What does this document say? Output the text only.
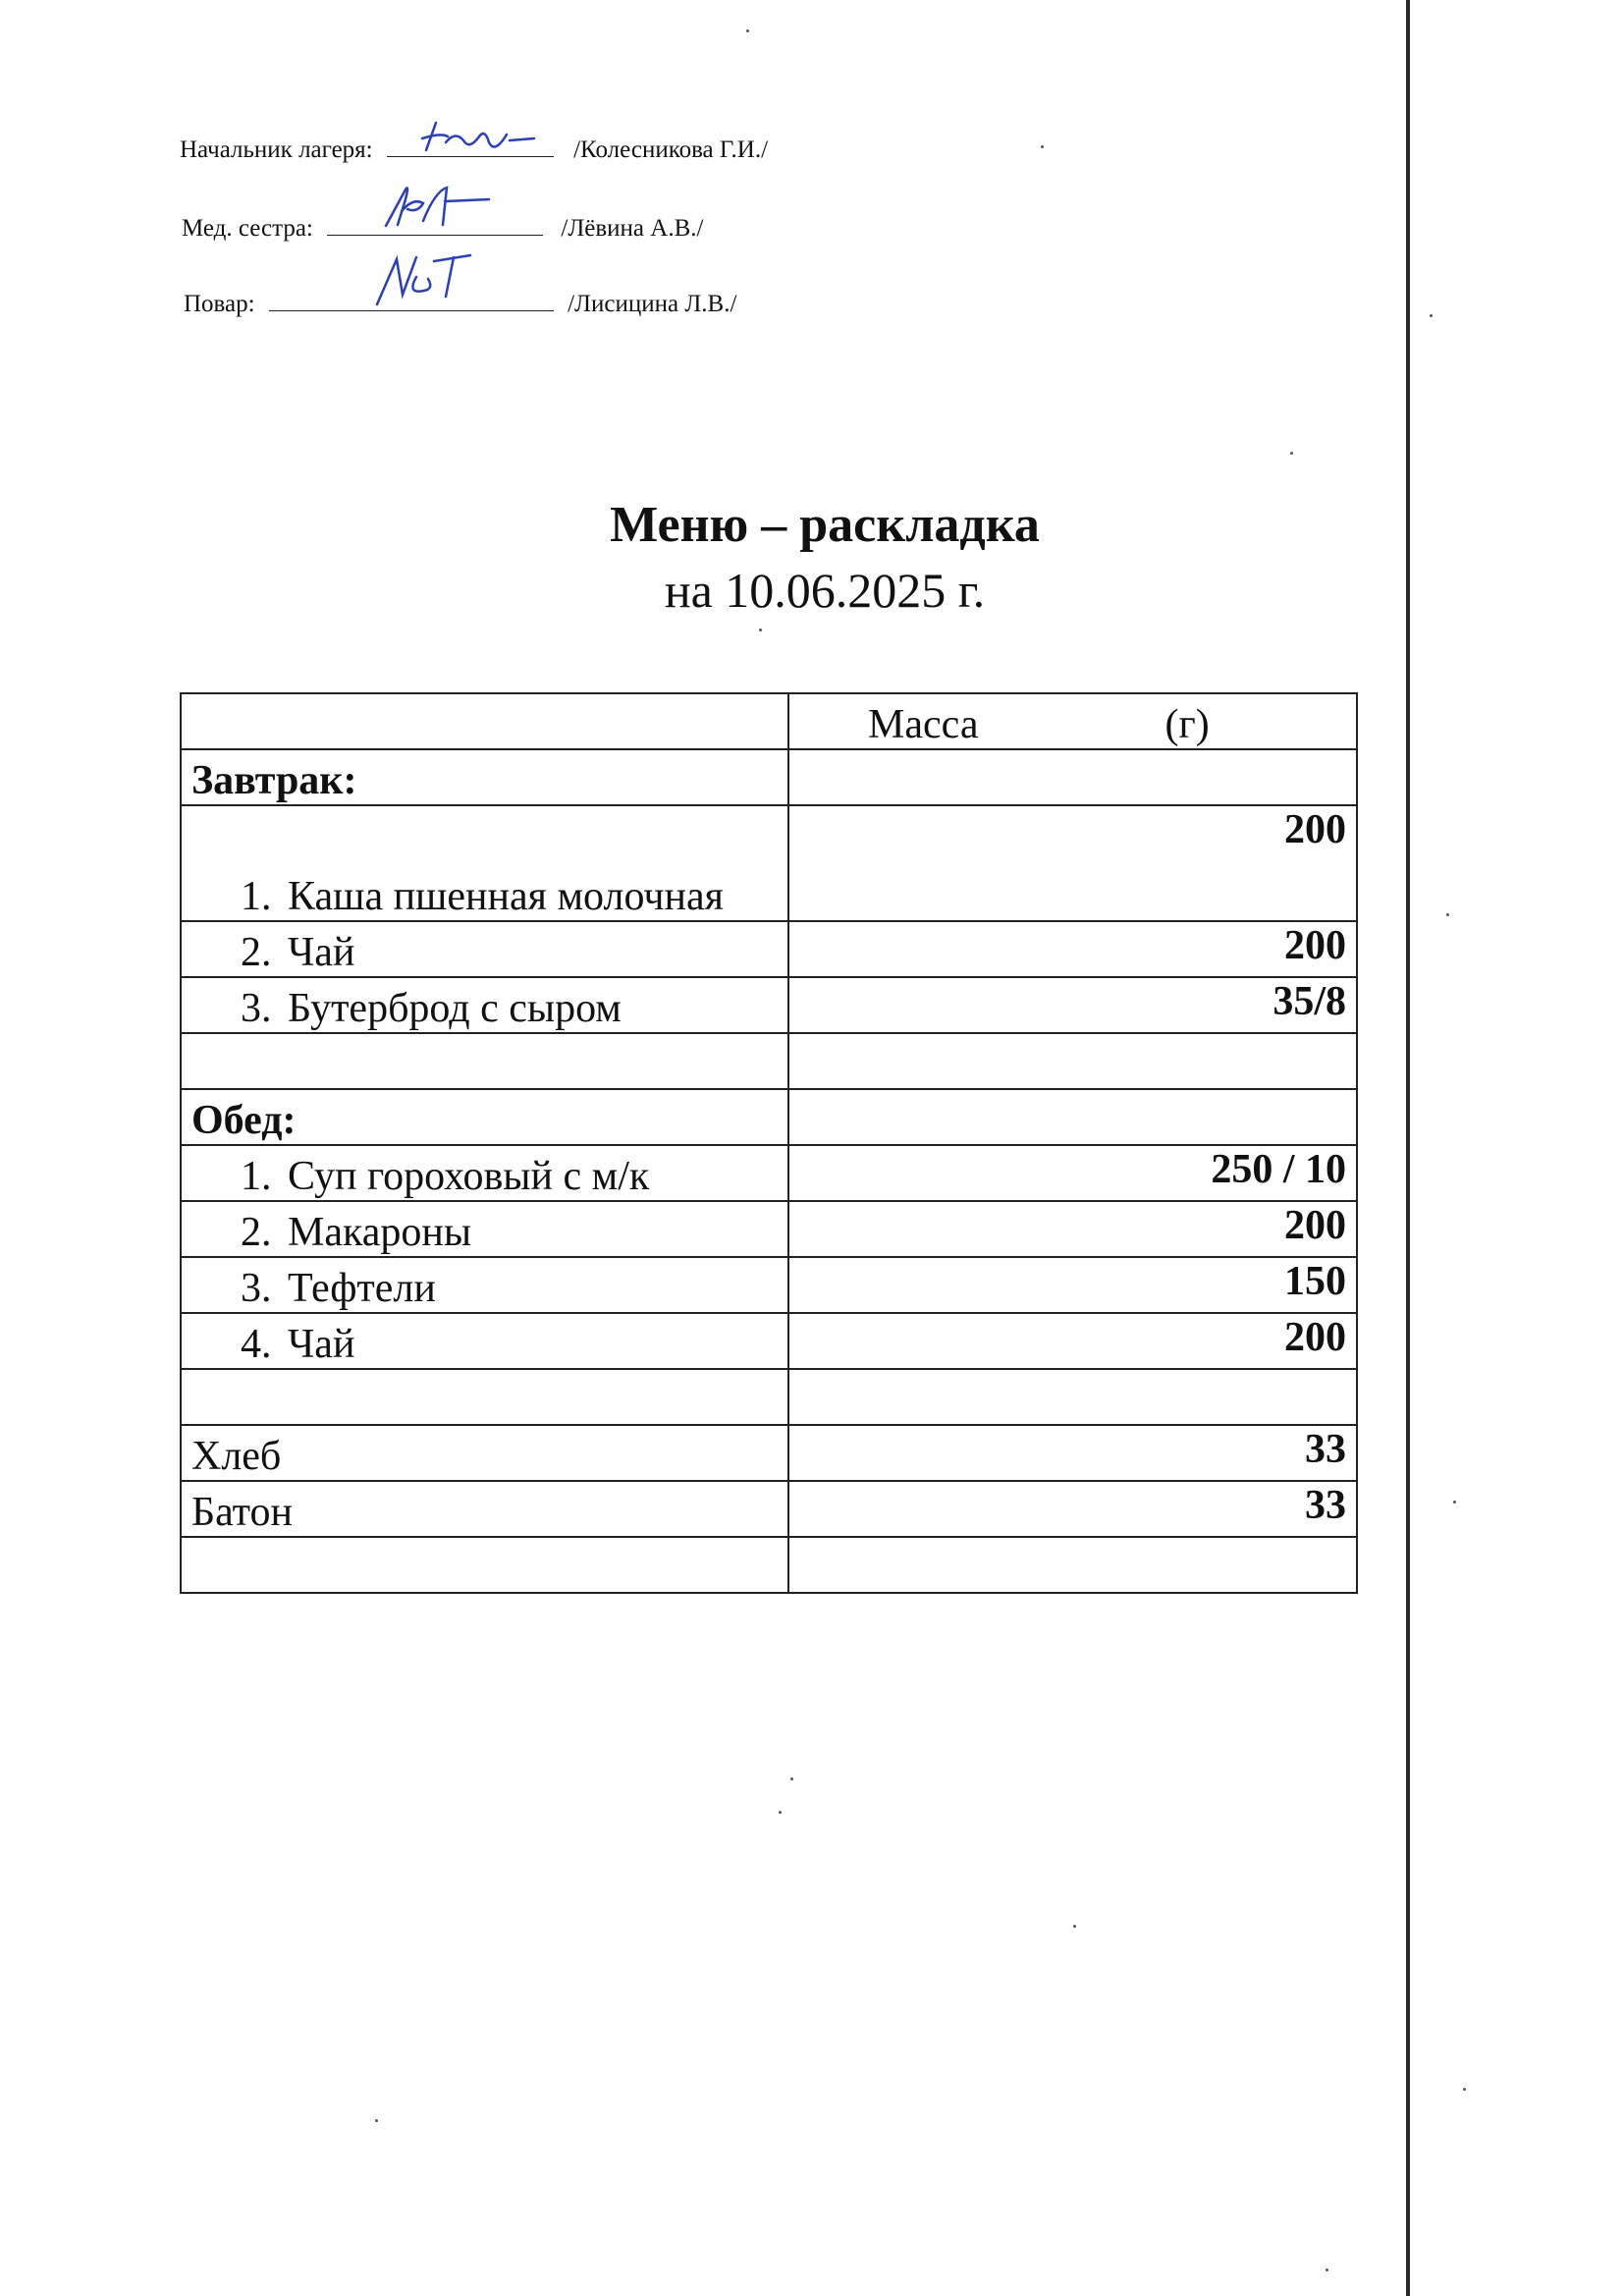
Начальник лагеря:	/Колесникова Г.И./
Мед. сестра:	/Лёвина А.В./
Повар:	/Лисицина Л.В./
Меню – раскладка
на 10.06.2025 г.
	Масса (г)
Завтрак:	

1. Каша пшенная молочная	200

2. Чай	200

3. Бутерброд с сыром	35/8

Обед:	

1. Суп гороховый с м/к	250 / 10

2. Макароны	200

3. Тефтели	150

4. Чай	200

Хлеб	33
Батон	33
